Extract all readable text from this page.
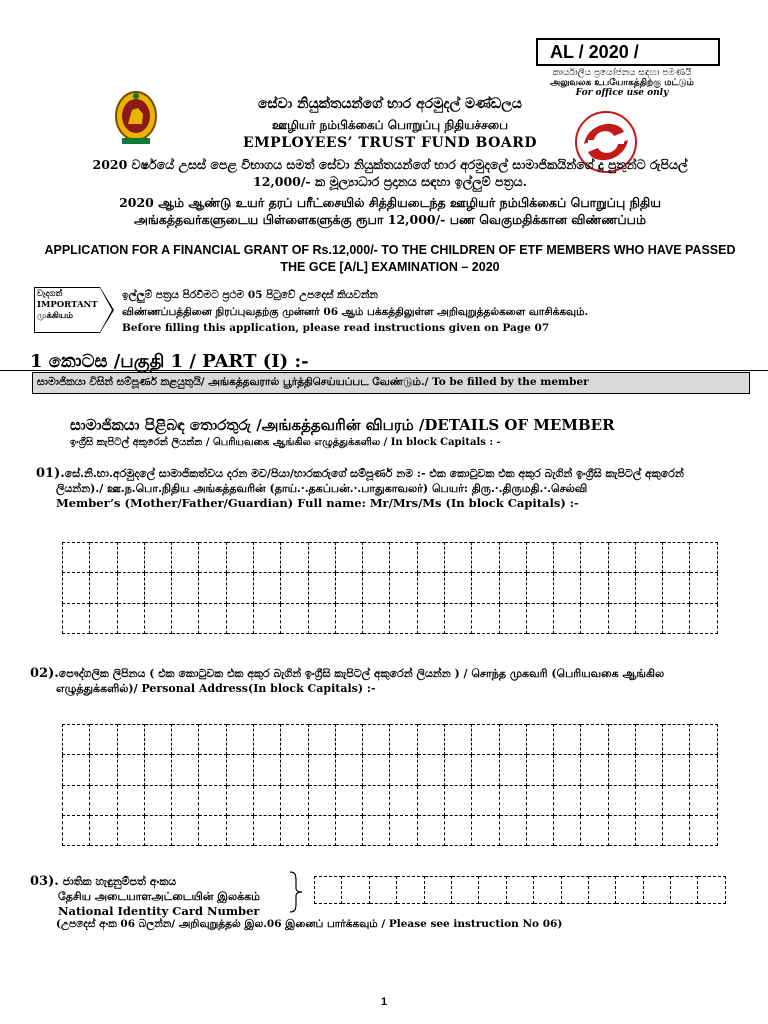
AL / 2020 /
කාර්යාලීය ප්‍රයෝජනය සඳහා පමණයි
அலுவலக உபயோகத்திற்கு மட்டும்
For office use only
සේවා නියුක්තයන්ගේ භාර අරමුදල් මණ්ඩලය
ஊழியர் நம்பிக்கைப் பொறுப்பு நிதியச்சபை
EMPLOYEES’ TRUST FUND BOARD
2020 වර්ෂයේ උසස් පෙළ විභාගය සමත් සේවා නියුක්තයන්ගේ භාර අරමුදලේ සාමාජිකයින්ගේ දූ පුතුන්ට රුපියල්
12,000/- ක මූල්‍යාධාර ප්‍රදානය සඳහා ඉල්ලුම් පත්‍රය.
2020 ஆம் ஆண்டு உயர் தரப் பரீட்சையில் சித்தியடைந்த ஊழியர் நம்பிக்கைப் பொறுப்பு நிதிய
அங்கத்தவர்களுடைய பிள்ளைகளுக்கு ரூபா 12,000/- பண வெகுமதிக்கான விண்ணப்பம்
APPLICATION FOR A FINANCIAL GRANT OF Rs.12,000/- TO THE CHILDREN OF ETF MEMBERS WHO HAVE PASSED
THE GCE [A/L] EXAMINATION – 2020
වැදගත්
IMPORTANT
முக்கியம்
ඉල්ලුම් පත්‍රය පිරවීමට ප්‍රථම 05 පිටුවේ උපදෙස් කියවන්න
விண்ணப்பத்தினை நிரப்புவதற்கு முன்னர் 06 ஆம் பக்கத்திலுள்ள அறிவுறுத்தல்களை வாசிக்கவும்.
Before filling this application, please read instructions given on Page 07
1 කොටස /பகுதி 1 / PART (I) :-
සාමාජිකයා විසින් සම්පූර්ණ කළයුතුයි/ அங்கத்தவரால் பூர்த்திசெய்யப்பட வேண்டும்./ To be filled by the member
සාමාජිකයා පිළිබඳ තොරතුරු /அங்கத்தவரின் விபரம் /DETAILS OF MEMBER
ඉංග්‍රීසි කැපිටල් අකුරෙන් ලියන්න / பெரியவகை ஆங்கில எழுத்துக்களில / In block Capitals : -
01).සේ.නි.භා.අරමුදලේ සාමාජිකත්වය දරන මව/පියා/භාරකරුගේ සම්පූර්ණ නම :- එක කොටුවක එක අකුර බැගින් ඉංග්‍රීසි කැපිටල් අකුරෙන්
ලියන්න)./ ஊ.ந.பொ.நிதிய அங்கத்தவரின் (தாய்.·.தகப்பன்.·.பாதுகாவலர்) பெயர்: திரு.·.திருமதி.·.செல்வி
Member’s (Mother/Father/Guardian) Full name: Mr/Mrs/Ms (In block Capitals) :-

02).පෞද්ගලික ලිපිනය ( එක කොටුවක එක අකුර බැගින් ඉංග්‍රීසි කැපිටල් අකුරෙන් ලියන්න ) / சொந்த முகவரி (பெரியவகை ஆங்கில
எழுத்துக்களில்)/ Personal Address(In block Capitals) :-

03). ජාතික හැඳුනුම්පත් අංකය
தேசிய அடையாளஅட்டையின் இலக்கம்
National Identity Card Number

(උපදෙස් අංක 06 බලන්න/ அறிவுறுத்தல் இல.06 இனைப் பார்க்கவும் / Please see instruction No 06)
1
